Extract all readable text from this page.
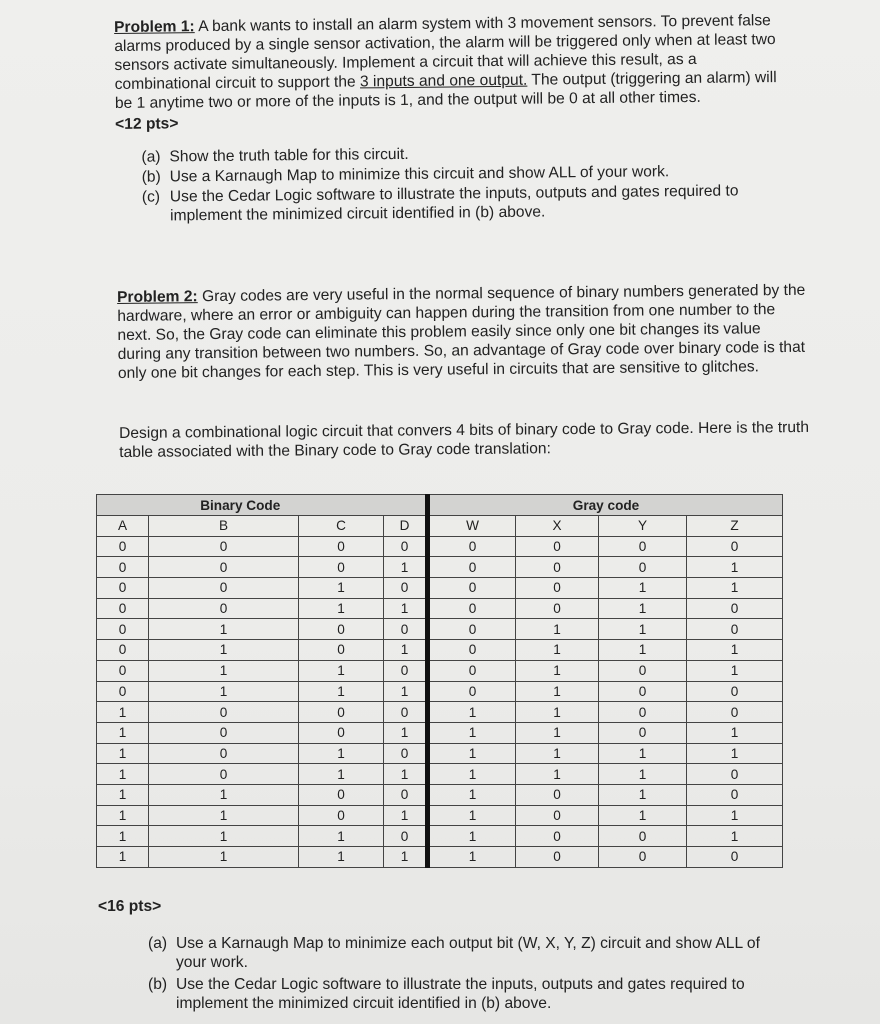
Problem 1: A bank wants to install an alarm system with 3 movement sensors. To prevent false alarms produced by a single sensor activation, the alarm will be triggered only when at least two sensors activate simultaneously. Implement a circuit that will achieve this result, as a combinational circuit to support the 3 inputs and one output. The output (triggering an alarm) will be 1 anytime two or more of the inputs is 1, and the output will be 0 at all other times.
<12 pts>
(a) Show the truth table for this circuit.
(b) Use a Karnaugh Map to minimize this circuit and show ALL of your work.
(c) Use the Cedar Logic software to illustrate the inputs, outputs and gates required to implement the minimized circuit identified in (b) above.
Problem 2: Gray codes are very useful in the normal sequence of binary numbers generated by the hardware, where an error or ambiguity can happen during the transition from one number to the next. So, the Gray code can eliminate this problem easily since only one bit changes its value during any transition between two numbers. So, an advantage of Gray code over binary code is that only one bit changes for each step. This is very useful in circuits that are sensitive to glitches.
Design a combinational logic circuit that convers 4 bits of binary code to Gray code. Here is the truth table associated with the Binary code to Gray code translation:
Binary Code				Gray code			
A	B	C	D	W	X	Y	Z
0	0	0	0	0	0	0	0
0	0	0	1	0	0	0	1
0	0	1	0	0	0	1	1
0	0	1	1	0	0	1	0
0	1	0	0	0	1	1	0
0	1	0	1	0	1	1	1
0	1	1	0	0	1	0	1
0	1	1	1	0	1	0	0
1	0	0	0	1	1	0	0
1	0	0	1	1	1	0	1
1	0	1	0	1	1	1	1
1	0	1	1	1	1	1	0
1	1	0	0	1	0	1	0
1	1	0	1	1	0	1	1
1	1	1	0	1	0	0	1
1	1	1	1	1	0	0	0
<16 pts>
(a) Use a Karnaugh Map to minimize each output bit (W, X, Y, Z) circuit and show ALL of your work.
(b) Use the Cedar Logic software to illustrate the inputs, outputs and gates required to implement the minimized circuit identified in (b) above.
